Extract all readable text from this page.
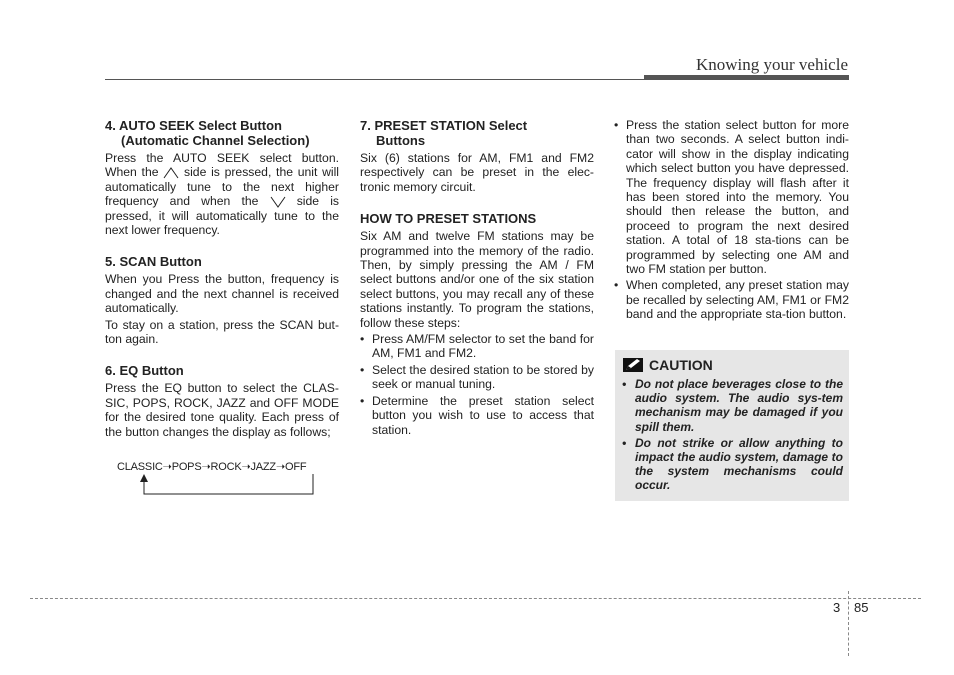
Knowing your vehicle
4. AUTO SEEK Select Button
(Automatic Channel Selection)

Press the AUTO SEEK select button. When the side is pressed, the unit will automatically tune to the next higher frequency and when the	side is pressed, it will automatically tune to the next lower frequency.

5. SCAN Button

When you Press the button, frequency is changed and the next channel is received automatically.

To stay on a station, press the SCAN but-ton again.

6. EQ Button

Press the EQ button to select the CLAS-SIC, POPS, ROCK, JAZZ and OFF MODE for the desired tone quality. Each press of the button changes the display as follows;

CLASSIC➝POPS➝ROCK➝JAZZ➝OFF
7. PRESET STATION Select
Buttons

Six (6) stations for AM, FM1 and FM2 respectively can be preset in the elec-tronic memory circuit.

HOW TO PRESET STATIONS

Six AM and twelve FM stations may be programmed into the memory of the radio. Then, by simply pressing the AM / FM select buttons and/or one of the six station select buttons, you may recall any of these stations instantly. To program the stations, follow these steps:

• Press AM/FM selector to set the band for AM, FM1 and FM2.
• Select the desired station to be stored by seek or manual tuning.
• Determine the preset station select button you wish to use to access that station.
• Press the station select button for more than two seconds. A select button indi-cator will show in the display indicating which select button you have depressed. The frequency display will flash after it has been stored into the memory. You should then release the button, and proceed to program the next desired station. A total of 18 sta-tions can be programmed by selecting one AM and two FM station per button.
• When completed, any preset station may be recalled by selecting AM, FM1 or FM2 band and the appropriate sta-tion button.
CAUTION
• Do not place beverages close to the audio system. The audio sys-tem mechanism may be damaged if you spill them.
• Do not strike or allow anything to impact the audio system, damage to the system mechanisms could occur.
3 85
